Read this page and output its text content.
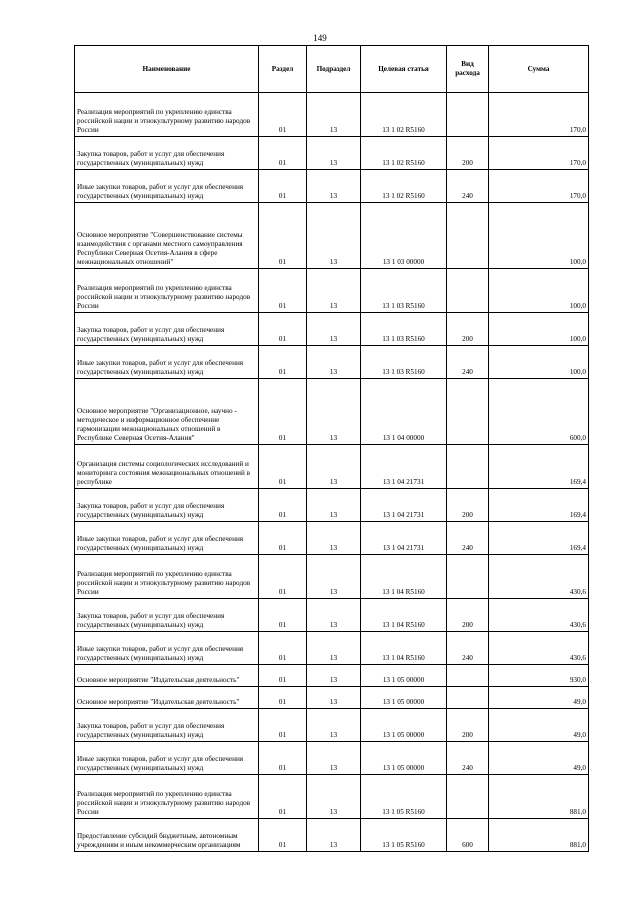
149
Наименование	Раздел	Подраздел	Целевая статья	Вид расхода	Сумма
Реализация мероприятий по укреплению единства российской нации и этнокультурному развитию народов России	01	13	13 1 02 R5160		170,0
Закупка товаров, работ и услуг для обеспечения государственных (муниципальных) нужд	01	13	13 1 02 R5160	200	170,0
Иные закупки товаров, работ и услуг для обеспечения государственных (муниципальных) нужд	01	13	13 1 02 R5160	240	170,0
Основное мероприятие "Совершенствование системы взаимодействия с органами местного самоуправления Республики Северная Осетия-Алания в сфере межнациональных отношений"	01	13	13 1 03 00000		100,0
Реализация мероприятий по укреплению единства российской нации и этнокультурному развитию народов России	01	13	13 1 03 R5160		100,0
Закупка товаров, работ и услуг для обеспечения государственных (муниципальных) нужд	01	13	13 1 03 R5160	200	100,0
Иные закупки товаров, работ и услуг для обеспечения государственных (муниципальных) нужд	01	13	13 1 03 R5160	240	100,0
Основное мероприятие "Организационное, научно - методическое и информационное обеспечение гармонизации межнациональных отношений в Республике Северная Осетия-Алания"	01	13	13 1 04 00000		600,0
Организация системы социологических исследований и мониторинга состояния межнациональных отношений в республике	01	13	13 1 04 21731		169,4
Закупка товаров, работ и услуг для обеспечения государственных (муниципальных) нужд	01	13	13 1 04 21731	200	169,4
Иные закупки товаров, работ и услуг для обеспечения государственных (муниципальных) нужд	01	13	13 1 04 21731	240	169,4
Реализация мероприятий по укреплению единства российской нации и этнокультурному развитию народов России	01	13	13 1 04 R5160		430,6
Закупка товаров, работ и услуг для обеспечения государственных (муниципальных) нужд	01	13	13 1 04 R5160	200	430,6
Иные закупки товаров, работ и услуг для обеспечения государственных (муниципальных) нужд	01	13	13 1 04 R5160	240	430,6
Основное мероприятие "Издательская деятельность"	01	13	13 1 05 00000		930,0
Основное мероприятие "Издательская деятельность"	01	13	13 1 05 00000		49,0
Закупка товаров, работ и услуг для обеспечения государственных (муниципальных) нужд	01	13	13 1 05 00000	200	49,0
Иные закупки товаров, работ и услуг для обеспечения государственных (муниципальных) нужд	01	13	13 1 05 00000	240	49,0
Реализация мероприятий по укреплению единства российской нации и этнокультурному развитию народов России	01	13	13 1 05 R5160		881,0
Предоставление субсидий бюджетным, автономным учреждениям и иным некоммерческим организациям	01	13	13 1 05 R5160	600	881,0
